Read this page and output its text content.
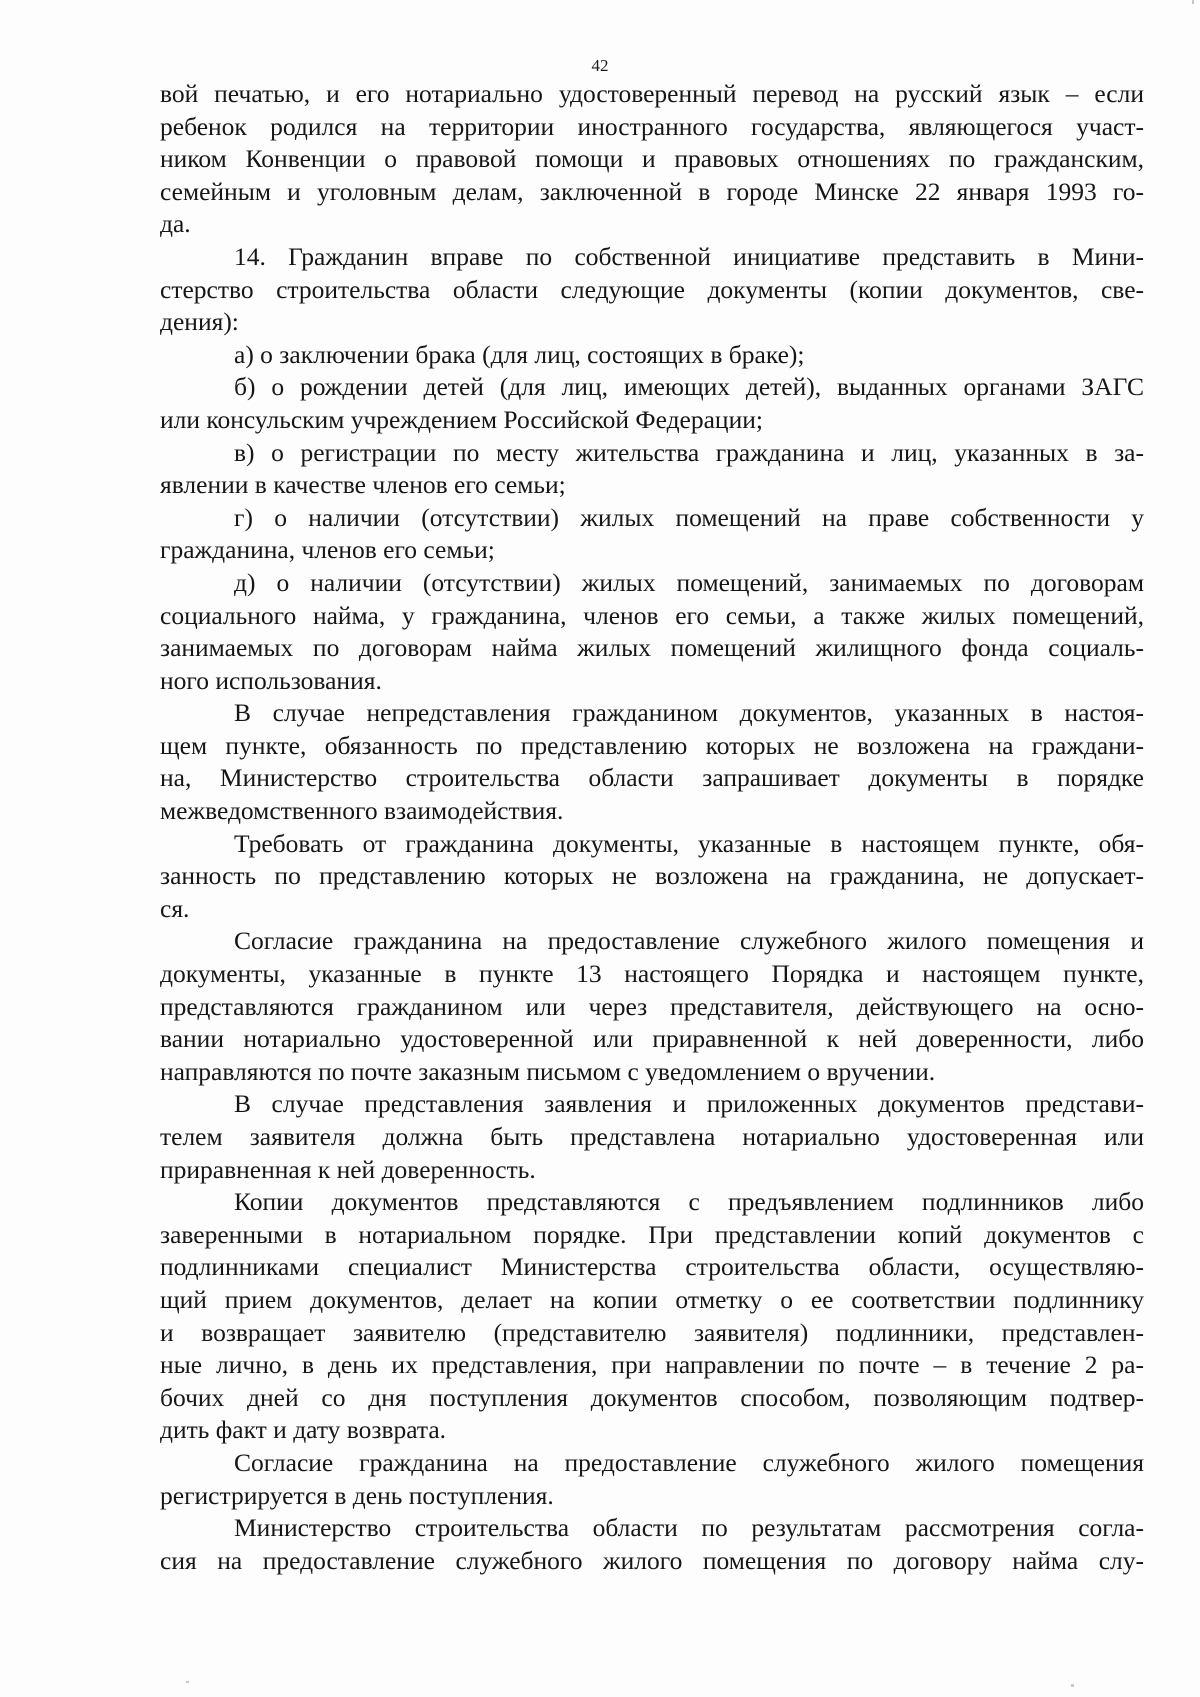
42

вой печатью, и его нотариально удостоверенный перевод на русский язык – если
ребенок родился на территории иностранного государства, являющегося участ-
ником Конвенции о правовой помощи и правовых отношениях по гражданским,
семейным и уголовным делам, заключенной в городе Минске 22 января 1993 го-
да.

14. Гражданин вправе по собственной инициативе представить в Мини-
стерство строительства области следующие документы (копии документов, све-
дения):

а) о заключении брака (для лиц, состоящих в браке);

б) о рождении детей (для лиц, имеющих детей), выданных органами ЗАГС
или консульским учреждением Российской Федерации;

в) о регистрации по месту жительства гражданина и лиц, указанных в за-
явлении в качестве членов его семьи;

г) о наличии (отсутствии) жилых помещений на праве собственности у
гражданина, членов его семьи;

д) о наличии (отсутствии) жилых помещений, занимаемых по договорам
социального найма, у гражданина, членов его семьи, а также жилых помещений,
занимаемых по договорам найма жилых помещений жилищного фонда социаль-
ного использования.

В случае непредставления гражданином документов, указанных в настоя-
щем пункте, обязанность по представлению которых не возложена на граждани-
на, Министерство строительства области запрашивает документы в порядке
межведомственного взаимодействия.

Требовать от гражданина документы, указанные в настоящем пункте, обя-
занность по представлению которых не возложена на гражданина, не допускает-
ся.

Согласие гражданина на предоставление служебного жилого помещения и
документы, указанные в пункте 13 настоящего Порядка и настоящем пункте,
представляются гражданином или через представителя, действующего на осно-
вании нотариально удостоверенной или приравненной к ней доверенности, либо
направляются по почте заказным письмом с уведомлением о вручении.

В случае представления заявления и приложенных документов представи-
телем заявителя должна быть представлена нотариально удостоверенная или
приравненная к ней доверенность.

Копии документов представляются с предъявлением подлинников либо
заверенными в нотариальном порядке. При представлении копий документов с
подлинниками специалист Министерства строительства области, осуществляю-
щий прием документов, делает на копии отметку о ее соответствии подлиннику
и возвращает заявителю (представителю заявителя) подлинники, представлен-
ные лично, в день их представления, при направлении по почте – в течение 2 ра-
бочих дней со дня поступления документов способом, позволяющим подтвер-
дить факт и дату возврата.

Согласие гражданина на предоставление служебного жилого помещения
регистрируется в день поступления.

Министерство строительства области по результатам рассмотрения согла-
сия на предоставление служебного жилого помещения по договору найма слу-
